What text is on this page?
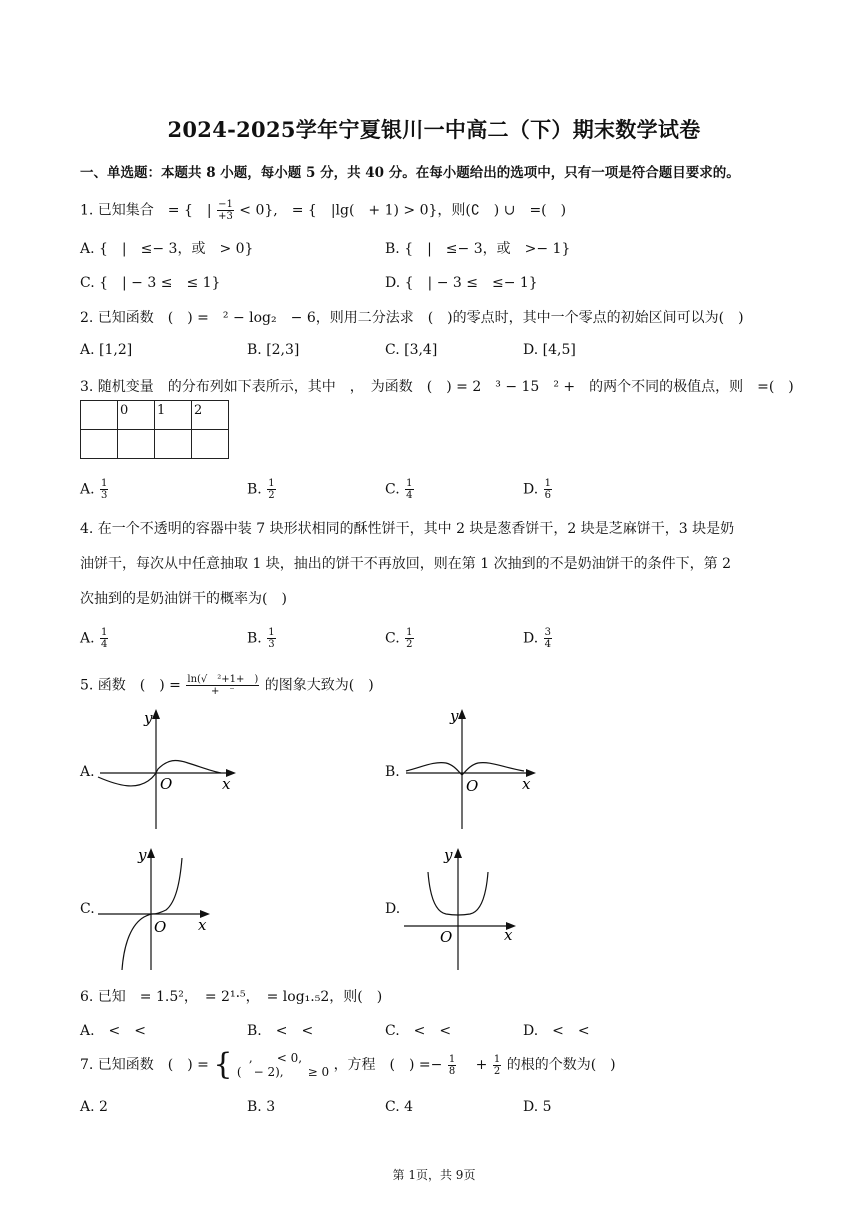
2024-2025学年宁夏银川一中高二（下）期末数学试卷
一、单选题：本题共 8 小题，每小题 5 分，共 40 分。在每小题给出的选项中，只有一项是符合题目要求的。
1. 已知集合　= {　| $\frac{-1}{+3} < 0$},　= {　|lg(　+ 1) > 0}，则(∁　) ∪　=(　)
A. {　|　≤− 3，或　> 0}	B. {　|　≤− 3，或　>− 1}
C. {　| − 3 ≤　≤ 1}	D. {　| − 3 ≤　≤− 1}
2. 已知函数　(　) =　² − log₂　− 6，则用二分法求　(　)的零点时，其中一个零点的初始区间可以为(　)
A. [1,2]	B. [2,3]	C. [3,4]	D. [4,5]
3. 随机变量　的分布列如下表所示，其中　，　为函数　(　) = 2　³ − 15　² +　的两个不同的极值点，则　=(　)
	0	1	2

A. $\frac{1}{3}$	B. $\frac{1}{2}$	C. $\frac{1}{4}$	D. $\frac{1}{6}$
4. 在一个不透明的容器中装 7 块形状相同的酥性饼干，其中 2 块是葱香饼干，2 块是芝麻饼干，3 块是奶
油饼干，每次从中任意抽取 1 块，抽出的饼干不再放回，则在第 1 次抽到的不是奶油饼干的条件下，第 2
次抽到的是奶油饼干的概率为(　)
A. $\frac{1}{4}$	B. $\frac{1}{3}$	C. $\frac{1}{2}$	D. $\frac{3}{4}$
5. 函数　(　) = $\frac{\text{ln(√　²+1+　)}}{+ ^-}$ 的图象大致为(　)
A.
y
x
O
B.
y
x
O
C.
y
x
O
D.
y
x
O
6. 已知　= 1.5²，　= 2¹·⁵，　= log₁.₅2，则(　)
A.　<　<	B.　<　<	C.　<　<	D.　<　<
7. 已知函数　(　) = { 　,　　< 0,
(　− 2),　　≥ 0 ，方程　(　) =− $\frac{1}{8}$ 　+ $\frac{1}{2}$ 的根的个数为(　)
A. 2	B. 3	C. 4	D. 5
第 1页，共 9页
